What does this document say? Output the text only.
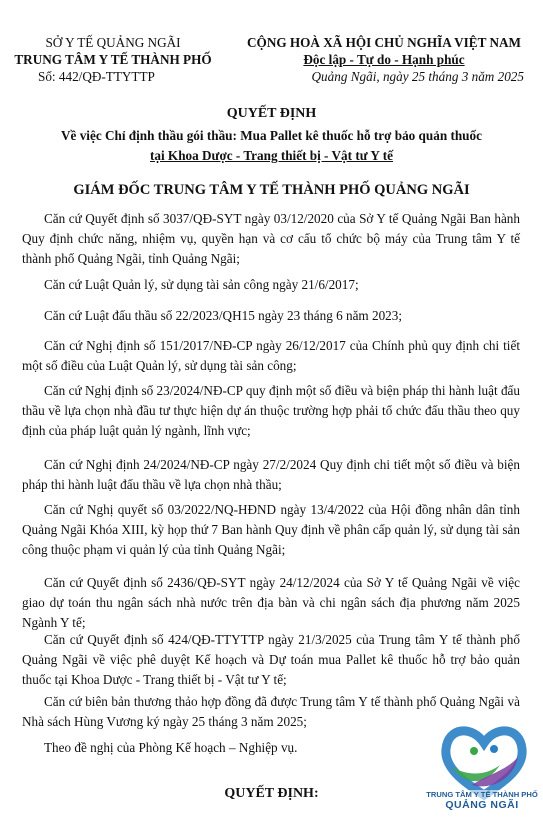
SỞ Y TẾ QUẢNG NGÃI
TRUNG TÂM Y TẾ THÀNH PHỐ
Số: 442/QĐ-TTYTTP
CỘNG HOÀ XÃ HỘI CHỦ NGHĨA VIỆT NAM
Độc lập - Tự do - Hạnh phúc
Quảng Ngãi, ngày 25 tháng 3 năm 2025
QUYẾT ĐỊNH
Về việc Chỉ định thầu gói thầu: Mua Pallet kê thuốc hỗ trợ bảo quản thuốc
tại Khoa Dược - Trang thiết bị - Vật tư Y tế
GIÁM ĐỐC TRUNG TÂM Y TẾ THÀNH PHỐ QUẢNG NGÃI
Căn cứ Quyết định số 3037/QĐ-SYT ngày 03/12/2020 của Sở Y tế Quảng Ngãi Ban hành Quy định chức năng, nhiệm vụ, quyền hạn và cơ cấu tổ chức bộ máy của Trung tâm Y tế thành phố Quảng Ngãi, tỉnh Quảng Ngãi;
Căn cứ Luật Quản lý, sử dụng tài sản công ngày 21/6/2017;
Căn cứ Luật đấu thầu số 22/2023/QH15 ngày 23 tháng 6 năm 2023;
Căn cứ Nghị định số 151/2017/NĐ-CP ngày 26/12/2017 của Chính phủ quy định chi tiết một số điều của Luật Quản lý, sử dụng tài sản công;
Căn cứ Nghị định số 23/2024/NĐ-CP quy định một số điều và biện pháp thi hành luật đấu thầu về lựa chọn nhà đầu tư thực hiện dự án thuộc trường hợp phải tổ chức đấu thầu theo quy định của pháp luật quản lý ngành, lĩnh vực;
Căn cứ Nghị định 24/2024/NĐ-CP ngày 27/2/2024 Quy định chi tiết một số điều và biện pháp thi hành luật đấu thầu về lựa chọn nhà thầu;
Căn cứ Nghị quyết số 03/2022/NQ-HĐND ngày 13/4/2022 của Hội đồng nhân dân tỉnh Quảng Ngãi Khóa XIII, kỳ họp thứ 7 Ban hành Quy định về phân cấp quản lý, sử dụng tài sản công thuộc phạm vi quản lý của tỉnh Quảng Ngãi;
Căn cứ Quyết định số 2436/QĐ-SYT ngày 24/12/2024 của Sở Y tế Quảng Ngãi về việc giao dự toán thu ngân sách nhà nước trên địa bàn và chi ngân sách địa phương năm 2025 Ngành Y tế;
Căn cứ Quyết định số 424/QĐ-TTYTTP ngày 21/3/2025 của Trung tâm Y tế thành phố Quảng Ngãi về việc phê duyệt Kế hoạch và Dự toán mua Pallet kê thuốc hỗ trợ bảo quản thuốc tại Khoa Dược - Trang thiết bị - Vật tư Y tế;
Căn cứ biên bản thương thảo hợp đồng đã được Trung tâm Y tế thành phố Quảng Ngãi và Nhà sách Hùng Vương ký ngày 25 tháng 3 năm 2025;
Theo đề nghị của Phòng Kế hoạch – Nghiệp vụ.
QUYẾT ĐỊNH:	TRUNG TÂM Y TẾ THÀNH PHỐ
QUẢNG NGÃI
